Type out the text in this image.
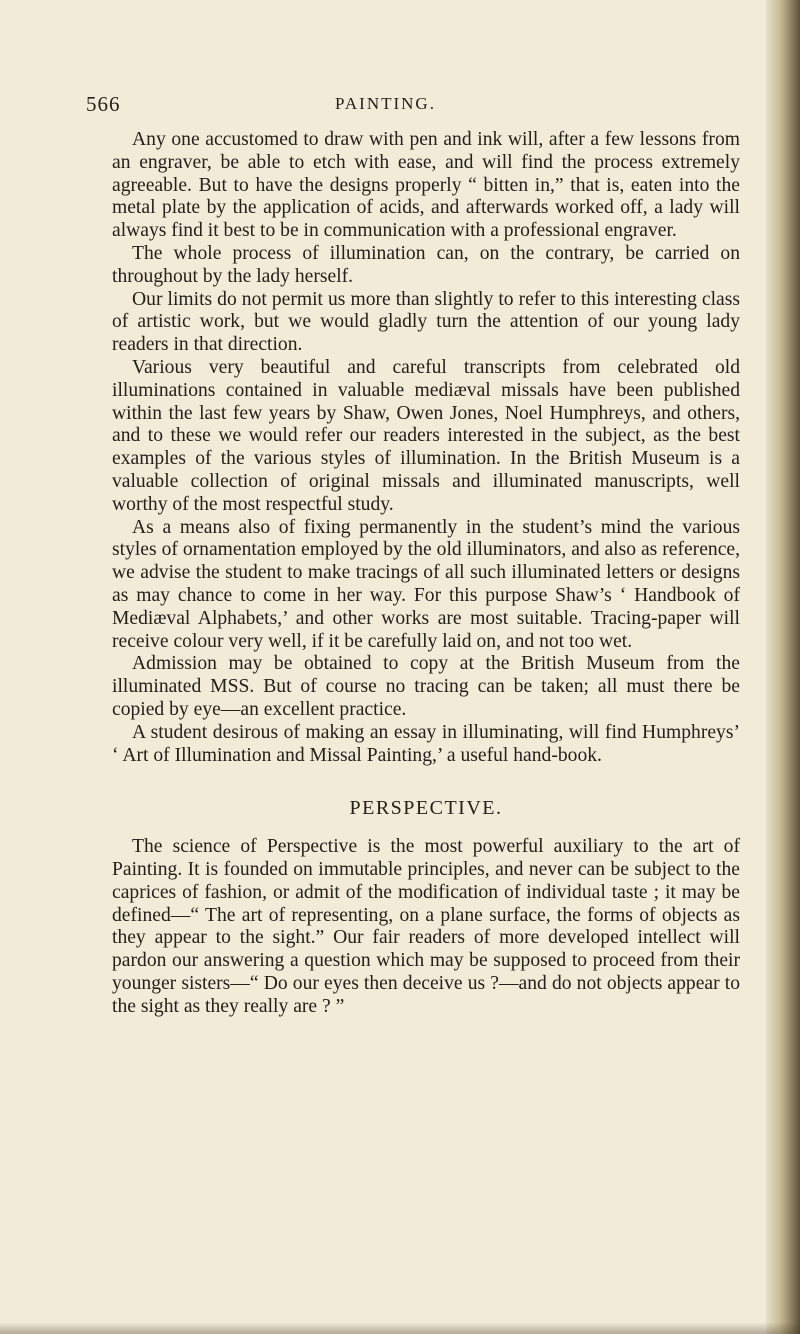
566	PAINTING.

Any one accustomed to draw with pen and ink will, after a few lessons from an engraver, be able to etch with ease, and will find the process extremely agreeable. But to have the designs properly “ bitten in,” that is, eaten into the metal plate by the application of acids, and afterwards worked off, a lady will always find it best to be in communication with a professional engraver.

The whole process of illumination can, on the contrary, be carried on throughout by the lady herself.

Our limits do not permit us more than slightly to refer to this interesting class of artistic work, but we would gladly turn the attention of our young lady readers in that direction.

Various very beautiful and careful transcripts from celebrated old illuminations contained in valuable mediæval missals have been published within the last few years by Shaw, Owen Jones, Noel Humphreys, and others, and to these we would refer our readers interested in the subject, as the best examples of the various styles of illumination. In the British Museum is a valuable collection of original missals and illuminated manuscripts, well worthy of the most respectful study.

As a means also of fixing permanently in the student’s mind the various styles of ornamentation employed by the old illuminators, and also as reference, we advise the student to make tracings of all such illuminated letters or designs as may chance to come in her way. For this purpose Shaw’s ‘ Handbook of Mediæval Alphabets,’ and other works are most suitable. Tracing-paper will receive colour very well, if it be carefully laid on, and not too wet.

Admission may be obtained to copy at the British Museum from the illuminated MSS. But of course no tracing can be taken; all must there be copied by eye—an excellent practice.

A student desirous of making an essay in illuminating, will find Humphreys’ ‘ Art of Illumination and Missal Painting,’ a useful hand-book.

PERSPECTIVE.

The science of Perspective is the most powerful auxiliary to the art of Painting. It is founded on immutable principles, and never can be subject to the caprices of fashion, or admit of the modification of individual taste ; it may be defined—“ The art of representing, on a plane surface, the forms of objects as they appear to the sight.” Our fair readers of more developed intellect will pardon our answering a question which may be supposed to proceed from their younger sisters—“ Do our eyes then deceive us ?—and do not objects appear to the sight as they really are ? ”
